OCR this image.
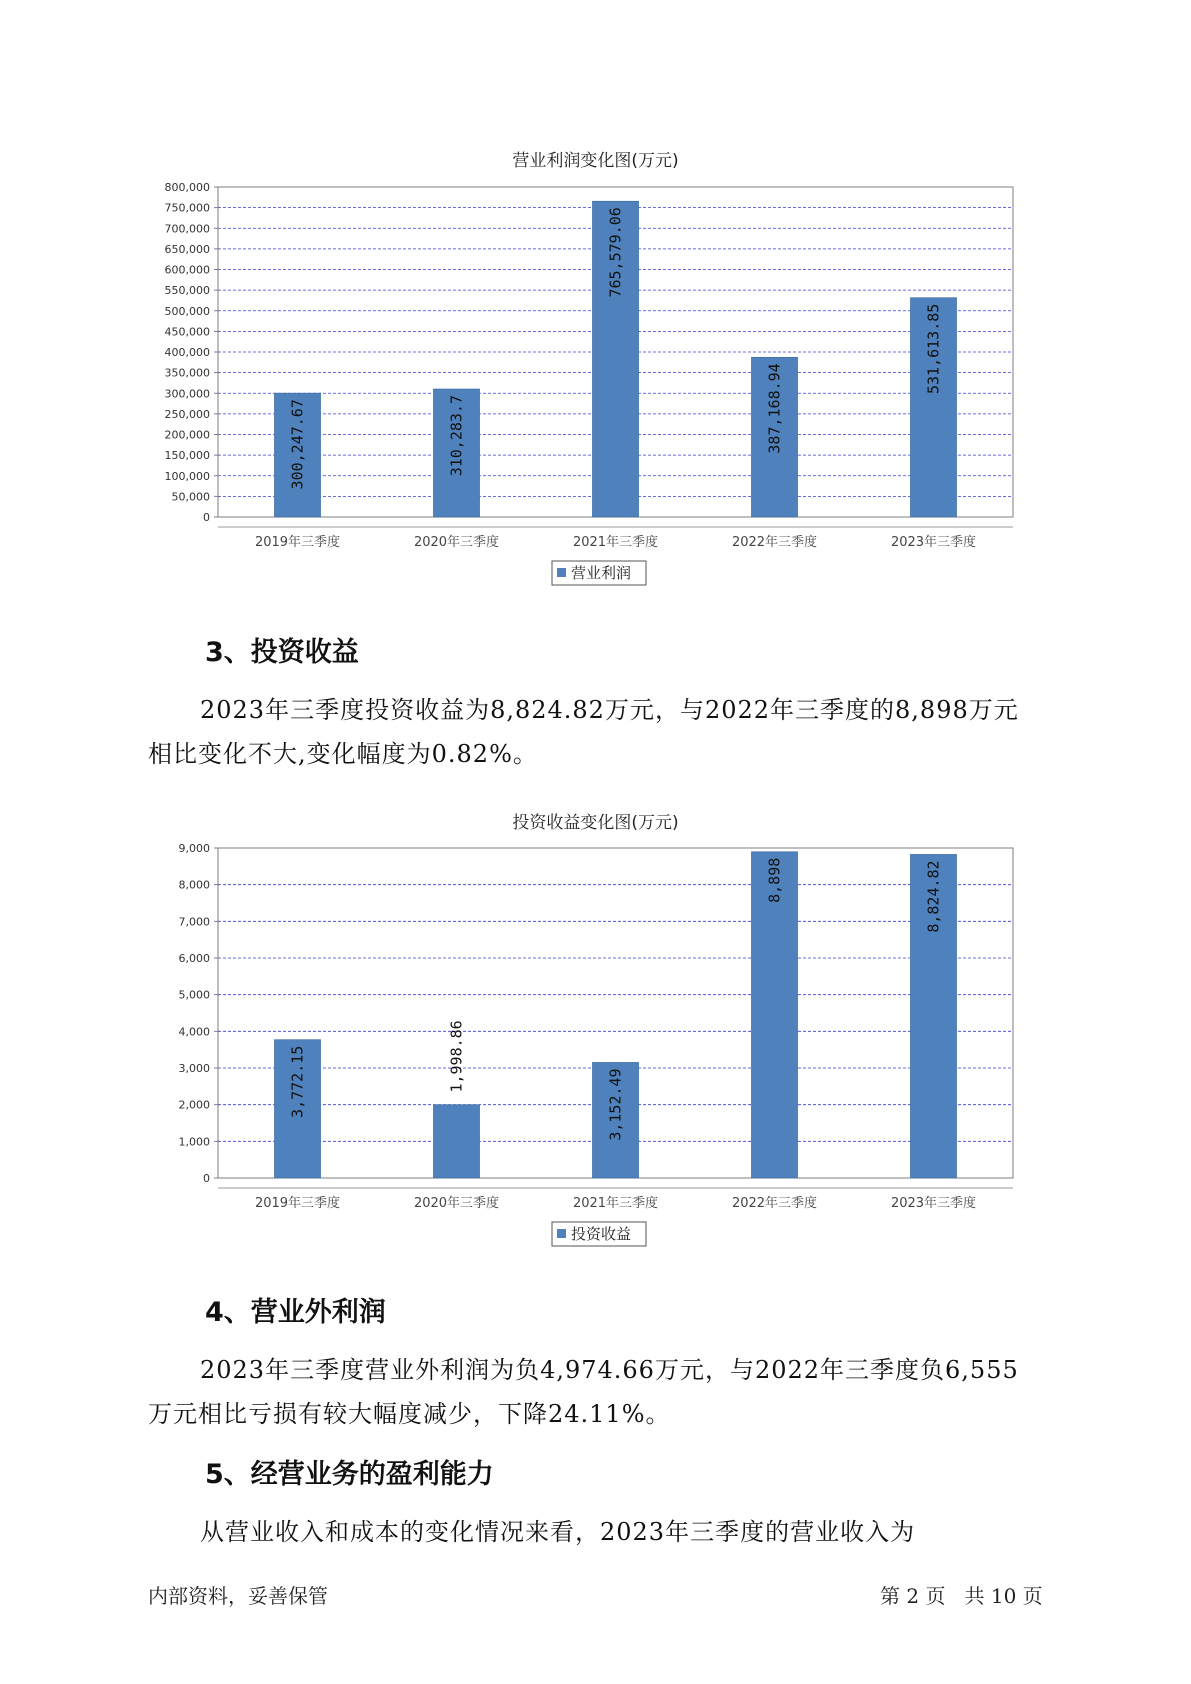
营业利润变化图(万元)
0
50,000
100,000
150,000
200,000
250,000
300,000
350,000
400,000
450,000
500,000
550,000
600,000
650,000
700,000
750,000
800,000
300,247.67
2019年三季度
310,283.7
2020年三季度
765,579.06
2021年三季度
387,168.94
2022年三季度
531,613.85
2023年三季度
营业利润
3、投资收益

2023年三季度投资收益为8,824.82万元，与2022年三季度的8,898万元
相比变化不大,变化幅度为0.82%。

投资收益变化图(万元)
0
1,000
2,000
3,000
4,000
5,000
6,000
7,000
8,000
9,000
3,772.15
2019年三季度
1,998.86
2020年三季度
3,152.49
2021年三季度
8,898
2022年三季度
8,824.82
2023年三季度
投资收益
4、营业外利润

2023年三季度营业外利润为负4,974.66万元，与2022年三季度负6,555
万元相比亏损有较大幅度减少，下降24.11%。

5、经营业务的盈利能力

从营业收入和成本的变化情况来看，2023年三季度的营业收入为

内部资料，妥善保管	第 2 页   共 10 页
